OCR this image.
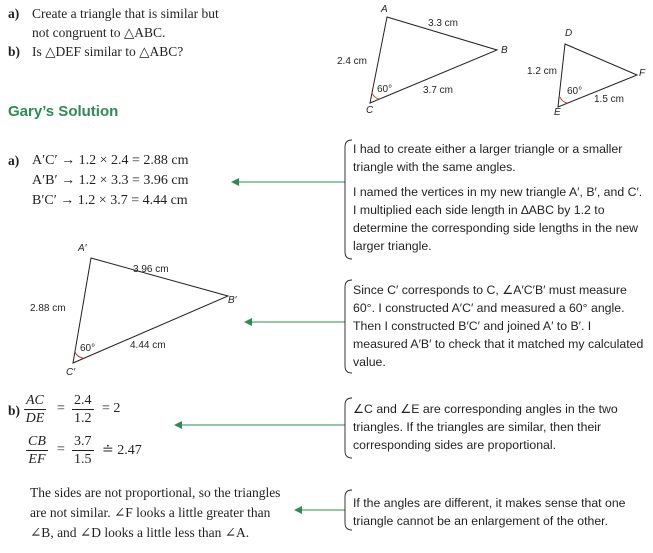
a) Create a triangle that is similar but
not congruent to △ABC.
b) Is △DEF similar to △ABC?
A
B
C
3.3 cm
2.4 cm
3.7 cm
60°
D
F
E
1.2 cm
1.5 cm
60°
Gary’s Solution
a) A′C′ → 1.2 × 2.4 = 2.88 cm
A′B′ → 1.2 × 3.3 = 3.96 cm
B′C′ → 1.2 × 3.7 = 4.44 cm
A′
B′
C′
3.96 cm
2.88 cm
4.44 cm
60°
$b) \frac{AC}{DE} = \frac{2.4}{1.2} = 2$
$\frac{CB}{EF} = \frac{3.7}{1.5}$ ≐ 2.47
The sides are not proportional, so the triangles
are not similar. ∠F looks a little greater than
∠B, and ∠D looks a little less than ∠A.
I had to create either a larger triangle or a smaller triangle with the same angles.
I named the vertices in my new triangle A′, B′, and C′. I multiplied each side length in ∆ABC by 1.2 to determine the corresponding side lengths in the new larger triangle.
Since C′ corresponds to C, ∠A′C′B′ must measure 60°. I constructed A′C′ and measured a 60° angle. Then I constructed B′C′ and joined A′ to B′. I measured A′B′ to check that it matched my calculated value.
∠C and ∠E are corresponding angles in the two triangles. If the triangles are similar, then their corresponding sides are proportional.
If the angles are different, it makes sense that one triangle cannot be an enlargement of the other.
